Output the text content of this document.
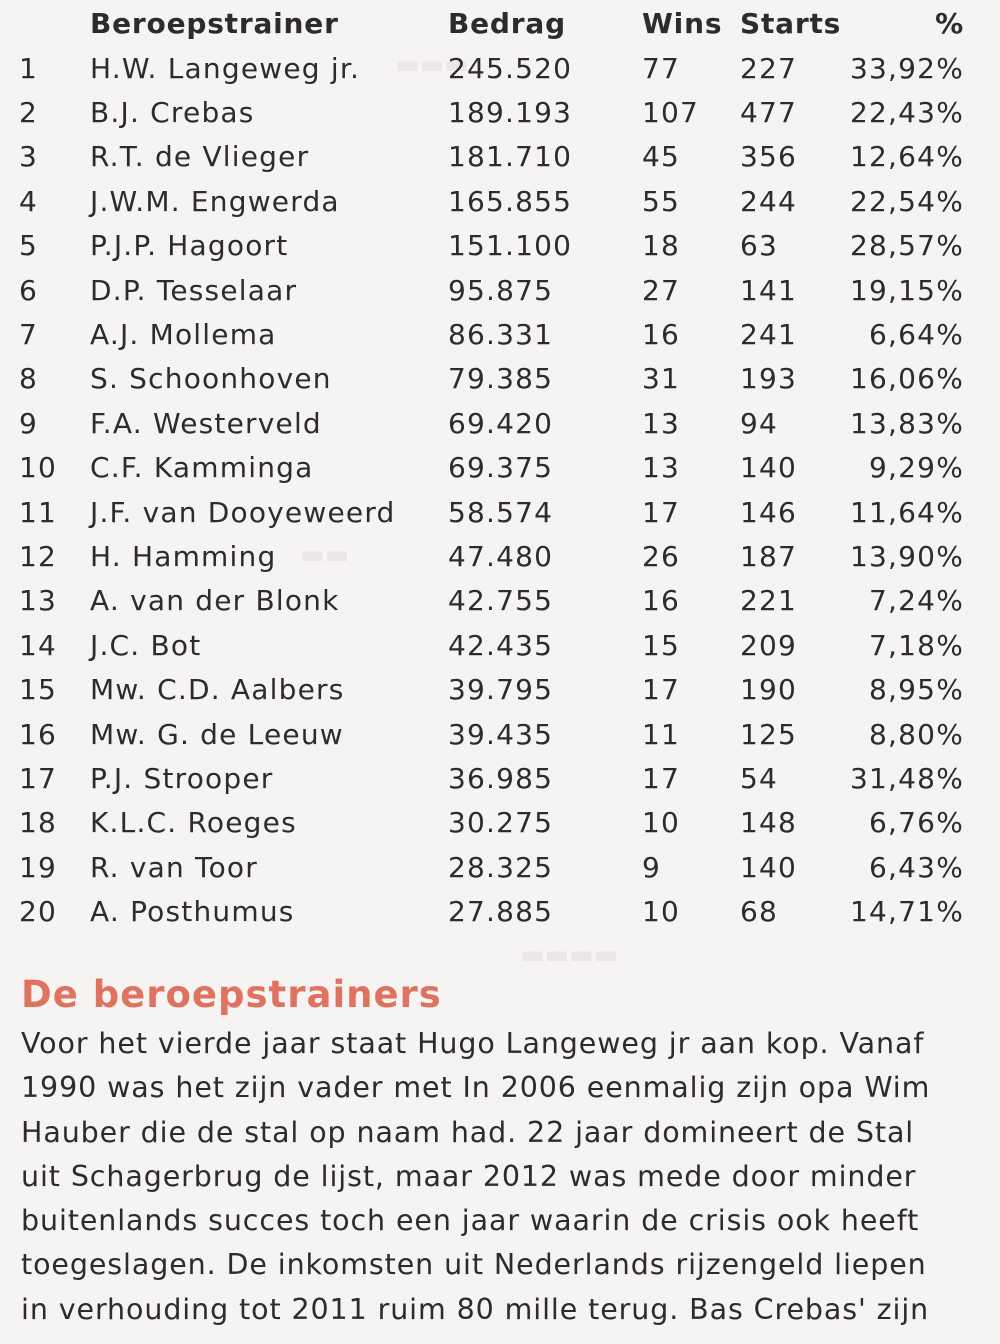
▬▬▬
▬▬
▬▬▬▬
	Beroepstrainer	Bedrag	Wins	Starts	%
1	H.W. Langeweg jr.	245.520	77	227	33,92%
2	B.J. Crebas	189.193	107	477	22,43%
3	R.T. de Vlieger	181.710	45	356	12,64%
4	J.W.M. Engwerda	165.855	55	244	22,54%
5	P.J.P. Hagoort	151.100	18	63	28,57%
6	D.P. Tesselaar	95.875	27	141	19,15%
7	A.J. Mollema	86.331	16	241	6,64%
8	S. Schoonhoven	79.385	31	193	16,06%
9	F.A. Westerveld	69.420	13	94	13,83%
10	C.F. Kamminga	69.375	13	140	9,29%
11	J.F. van Dooyeweerd	58.574	17	146	11,64%
12	H. Hamming	47.480	26	187	13,90%
13	A. van der Blonk	42.755	16	221	7,24%
14	J.C. Bot	42.435	15	209	7,18%
15	Mw. C.D. Aalbers	39.795	17	190	8,95%
16	Mw. G. de Leeuw	39.435	11	125	8,80%
17	P.J. Strooper	36.985	17	54	31,48%
18	K.L.C. Roeges	30.275	10	148	6,76%
19	R. van Toor	28.325	9	140	6,43%
20	A. Posthumus	27.885	10	68	14,71%
De beroepstrainers

Voor het vierde jaar staat Hugo Langeweg jr aan kop. Vanaf
1990 was het zijn vader met In 2006 eenmalig zijn opa Wim
Hauber die de stal op naam had. 22 jaar domineert de Stal
uit Schagerbrug de lijst, maar 2012 was mede door minder
buitenlands succes toch een jaar waarin de crisis ook heeft
toegeslagen. De inkomsten uit Nederlands rijzengeld liepen
in verhouding tot 2011 ruim 80 mille terug. Bas Crebas' zijn
